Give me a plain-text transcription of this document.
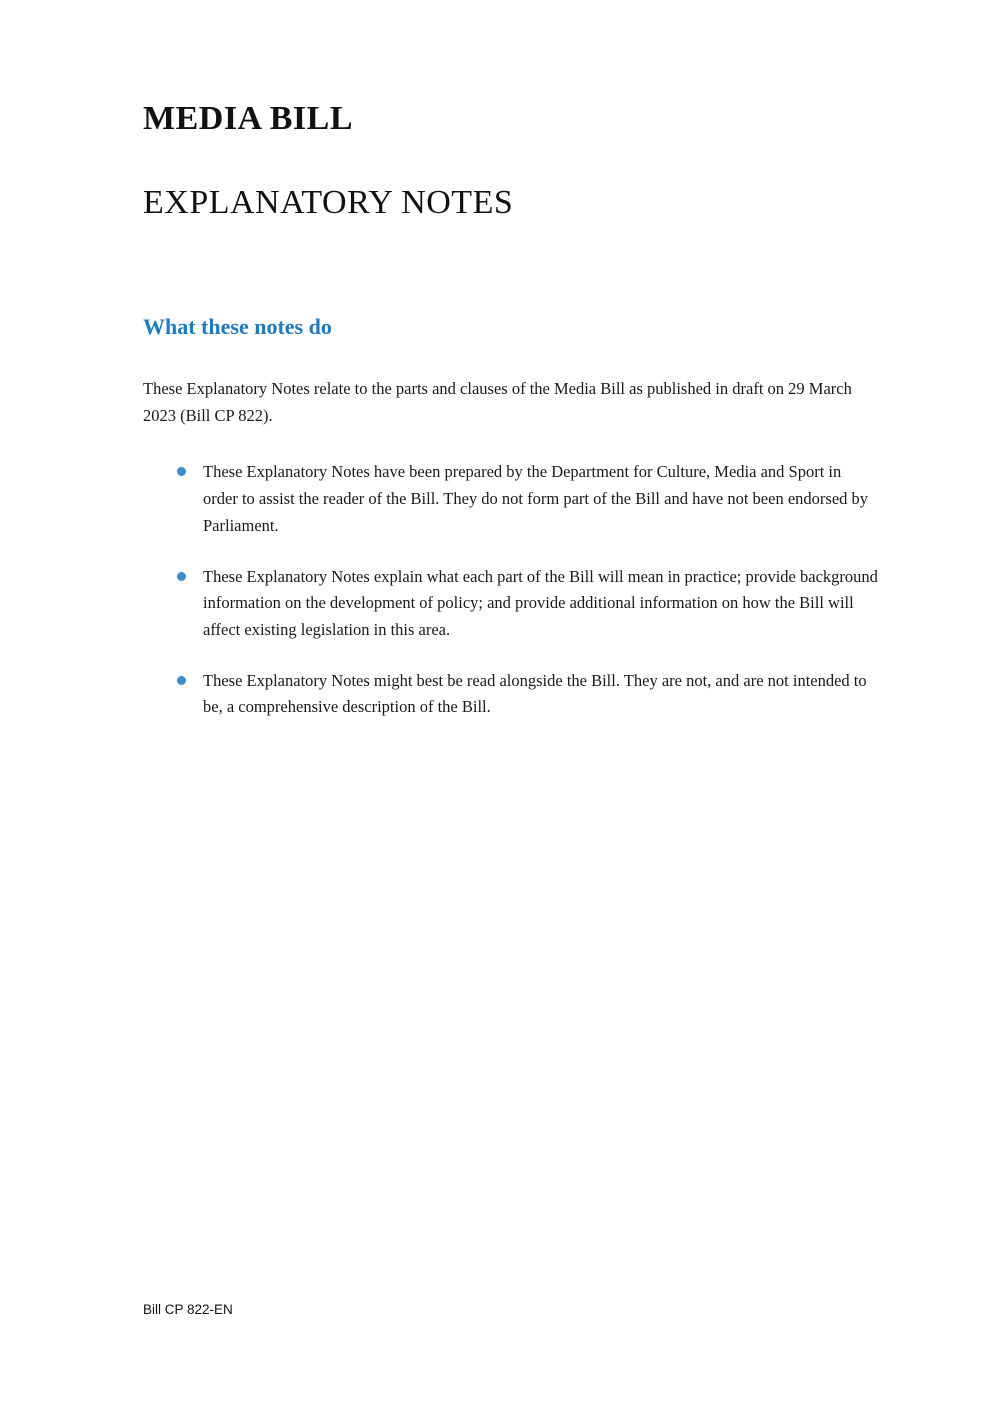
MEDIA BILL
EXPLANATORY NOTES
What these notes do

These Explanatory Notes relate to the parts and clauses of the Media Bill as published in draft on 29 March 2023 (Bill CP 822).

These Explanatory Notes have been prepared by the Department for Culture, Media and Sport in order to assist the reader of the Bill. They do not form part of the Bill and have not been endorsed by Parliament.
These Explanatory Notes explain what each part of the Bill will mean in practice; provide background information on the development of policy; and provide additional information on how the Bill will affect existing legislation in this area.
These Explanatory Notes might best be read alongside the Bill. They are not, and are not intended to be, a comprehensive description of the Bill.
Bill CP 822-EN
